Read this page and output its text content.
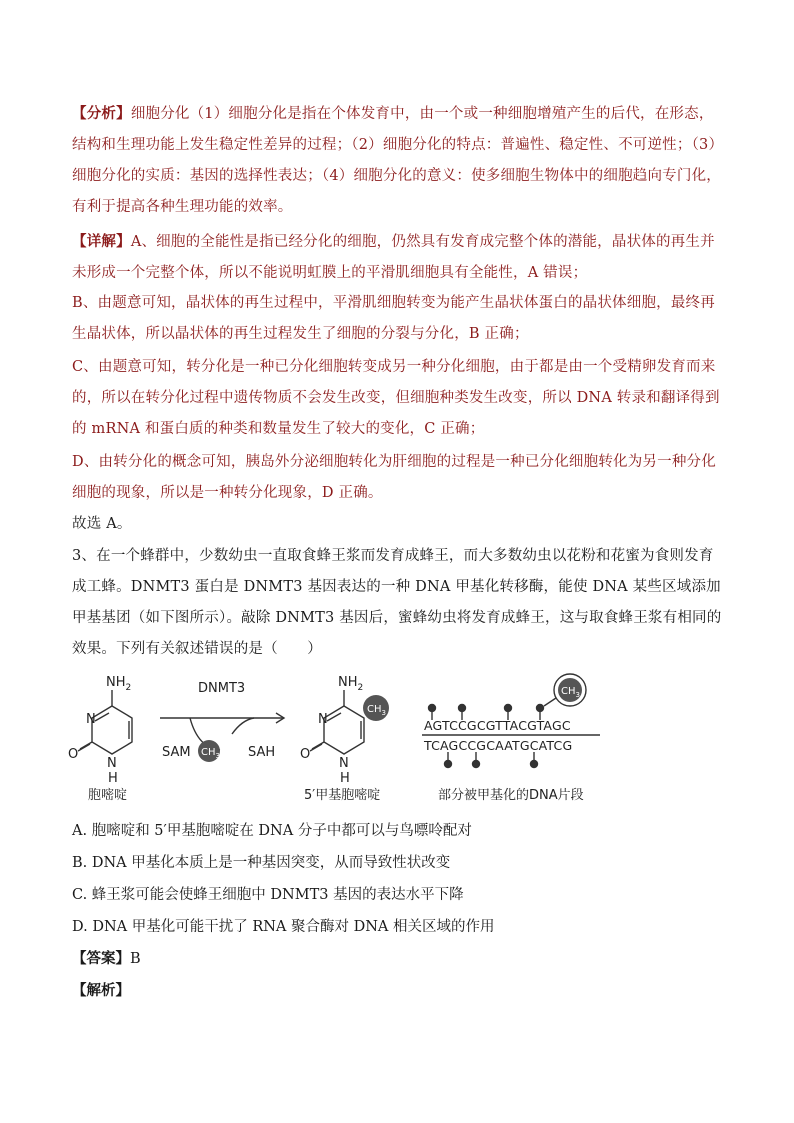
【分析】细胞分化（1）细胞分化是指在个体发育中，由一个或一种细胞增殖产生的后代，在形态，结构和生理功能上发生稳定性差异的过程；（2）细胞分化的特点：普遍性、稳定性、不可逆性；（3）细胞分化的实质：基因的选择性表达；（4）细胞分化的意义：使多细胞生物体中的细胞趋向专门化，有利于提高各种生理功能的效率。

【详解】A、细胞的全能性是指已经分化的细胞，仍然具有发育成完整个体的潜能，晶状体的再生并未形成一个完整个体，所以不能说明虹膜上的平滑肌细胞具有全能性，A 错误；

B、由题意可知，晶状体的再生过程中，平滑肌细胞转变为能产生晶状体蛋白的晶状体细胞，最终再生晶状体，所以晶状体的再生过程发生了细胞的分裂与分化，B 正确；

C、由题意可知，转分化是一种已分化细胞转变成另一种分化细胞，由于都是由一个受精卵发育而来的，所以在转分化过程中遗传物质不会发生改变，但细胞种类发生改变，所以 DNA 转录和翻译得到的 mRNA 和蛋白质的种类和数量发生了较大的变化，C 正确；

D、由转分化的概念可知，胰岛外分泌细胞转化为肝细胞的过程是一种已分化细胞转化为另一种分化细胞的现象，所以是一种转分化现象，D 正确。

故选 A。

3、在一个蜂群中，少数幼虫一直取食蜂王浆而发育成蜂王，而大多数幼虫以花粉和花蜜为食则发育成工蜂。DNMT3 蛋白是 DNMT3 基因表达的一种 DNA 甲基化转移酶，能使 DNA 某些区域添加甲基基团（如下图所示）。敲除 DNMT3 基因后，蜜蜂幼虫将发育成蜂王，这与取食蜂王浆有相同的效果。下列有关叙述错误的是（　　）

$NH_2$
N
O
N
H
胞嘧啶
DNMT3
SAM $CH_3$ SAH
$CH_3$
$NH_2$
N
O
N
H
5′甲基胞嘧啶
$CH_3$
AGTCCGCGTTACGTAGC
TCAGCCGCAATGCATCG
部分被甲基化的DNA片段
A. 胞嘧啶和 5′甲基胞嘧啶在 DNA 分子中都可以与鸟嘌呤配对
B. DNA 甲基化本质上是一种基因突变，从而导致性状改变
C. 蜂王浆可能会使蜂王细胞中 DNMT3 基因的表达水平下降
D. DNA 甲基化可能干扰了 RNA 聚合酶对 DNA 相关区域的作用
【答案】B
【解析】
